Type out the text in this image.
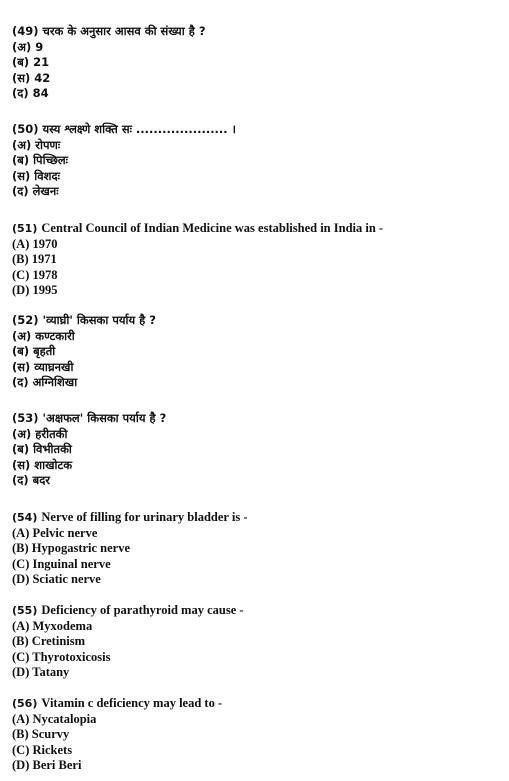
(49) चरक के अनुसार आसव की संख्या है ?
(अ) 9
(ब) 21
(स) 42
(द) 84
(50) यस्य श्लक्ष्णे शक्ति सः ..................... ।
(अ) रोपणः
(ब) पिच्छिलः
(स) विशदः
(द) लेखनः
(51) Central Council of Indian Medicine was established in India in -
(A) 1970
(B) 1971
(C) 1978
(D) 1995
(52) 'व्याघ्री' किसका पर्याय है ?
(अ) कण्टकारी
(ब) बृहती
(स) व्याघ्रनखी
(द) अग्निशिखा
(53) 'अक्षफल' किसका पर्याय है ?
(अ) हरीतकी
(ब) विभीतकी
(स) शाखोटक
(द) बदर
(54) Nerve of filling for urinary bladder is -
(A) Pelvic nerve
(B) Hypogastric nerve
(C) Inguinal nerve
(D) Sciatic nerve
(55) Deficiency of parathyroid may cause -
(A) Myxodema
(B) Cretinism
(C) Thyrotoxicosis
(D) Tatany
(56) Vitamin c deficiency may lead to -
(A) Nycatalopia
(B) Scurvy
(C) Rickets
(D) Beri Beri
